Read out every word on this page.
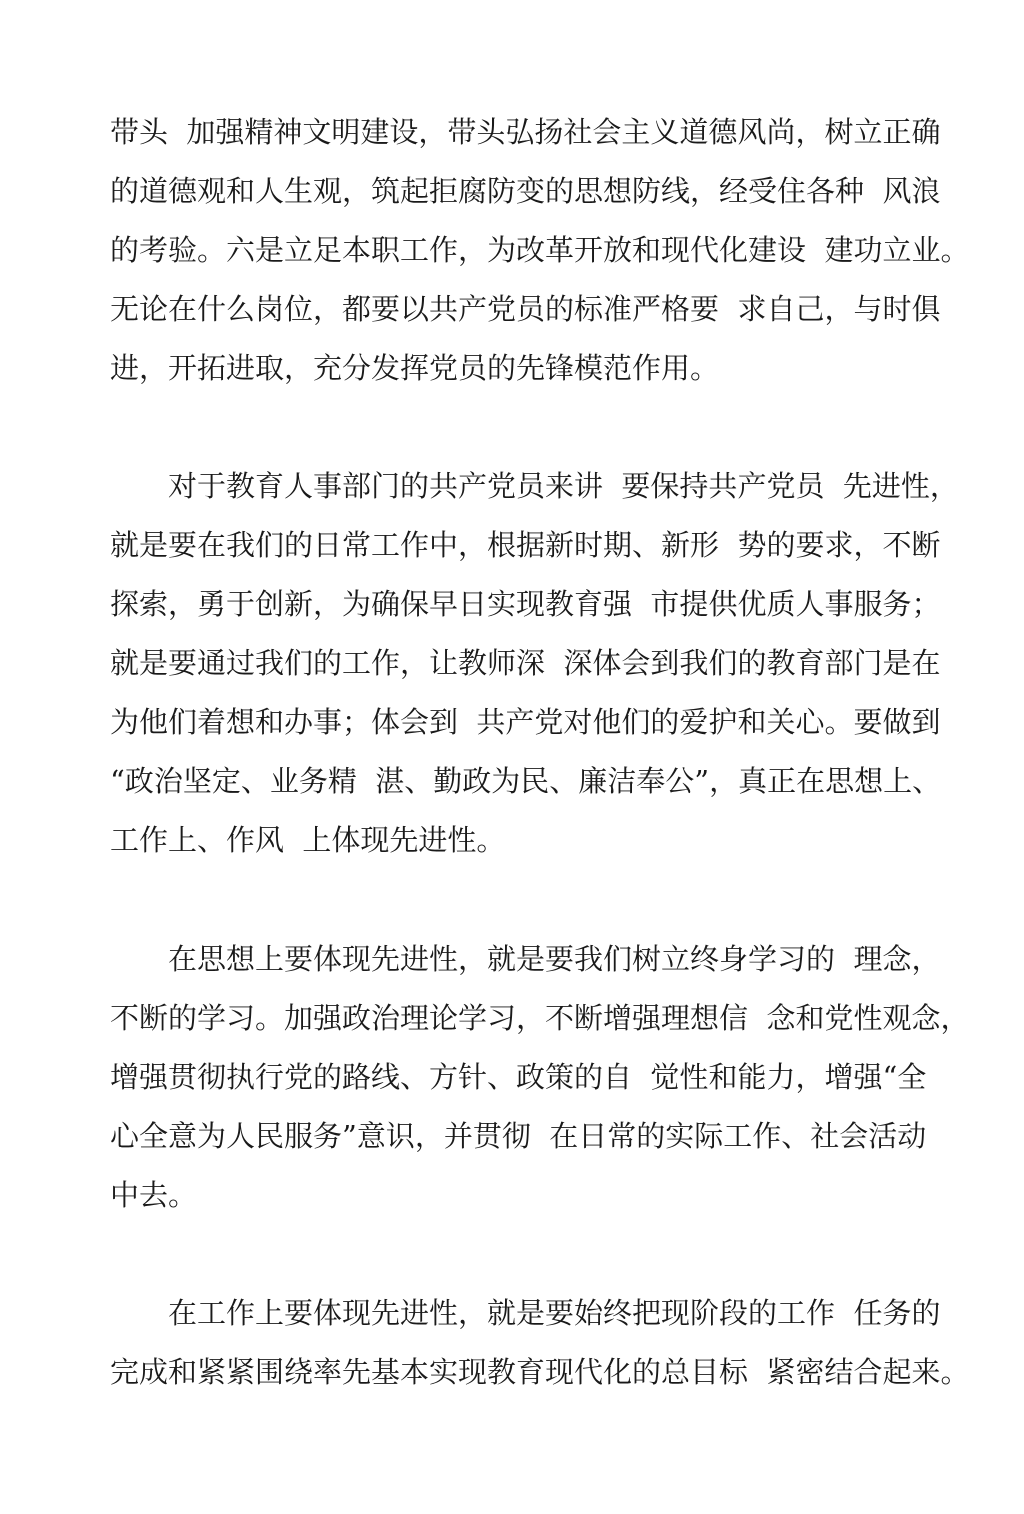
带头  加强精神文明建设，带头弘扬社会主义道德风尚，树立正确
的道德观和人生观，筑起拒腐防变的思想防线，经受住各种  风浪
的考验。六是立足本职工作，为改革开放和现代化建设  建功立业。
无论在什么岗位，都要以共产党员的标准严格要  求自己，与时俱
进，开拓进取，充分发挥党员的先锋模范作用。
　　对于教育人事部门的共产党员来讲  要保持共产党员  先进性，
就是要在我们的日常工作中，根据新时期、新形  势的要求，不断
探索，勇于创新，为确保早日实现教育强  市提供优质人事服务；
就是要通过我们的工作，让教师深  深体会到我们的教育部门是在
为他们着想和办事；体会到  共产党对他们的爱护和关心。要做到
“政治坚定、业务精  湛、勤政为民、廉洁奉公”，真正在思想上、
工作上、作风  上体现先进性。
　　在思想上要体现先进性，就是要我们树立终身学习的  理念，
不断的学习。加强政治理论学习，不断增强理想信  念和党性观念，
增强贯彻执行党的路线、方针、政策的自  觉性和能力，增强“全
心全意为人民服务”意识，并贯彻  在日常的实际工作、社会活动
中去。
　　在工作上要体现先进性，就是要始终把现阶段的工作  任务的
完成和紧紧围绕率先基本实现教育现代化的总目标  紧密结合起来。
